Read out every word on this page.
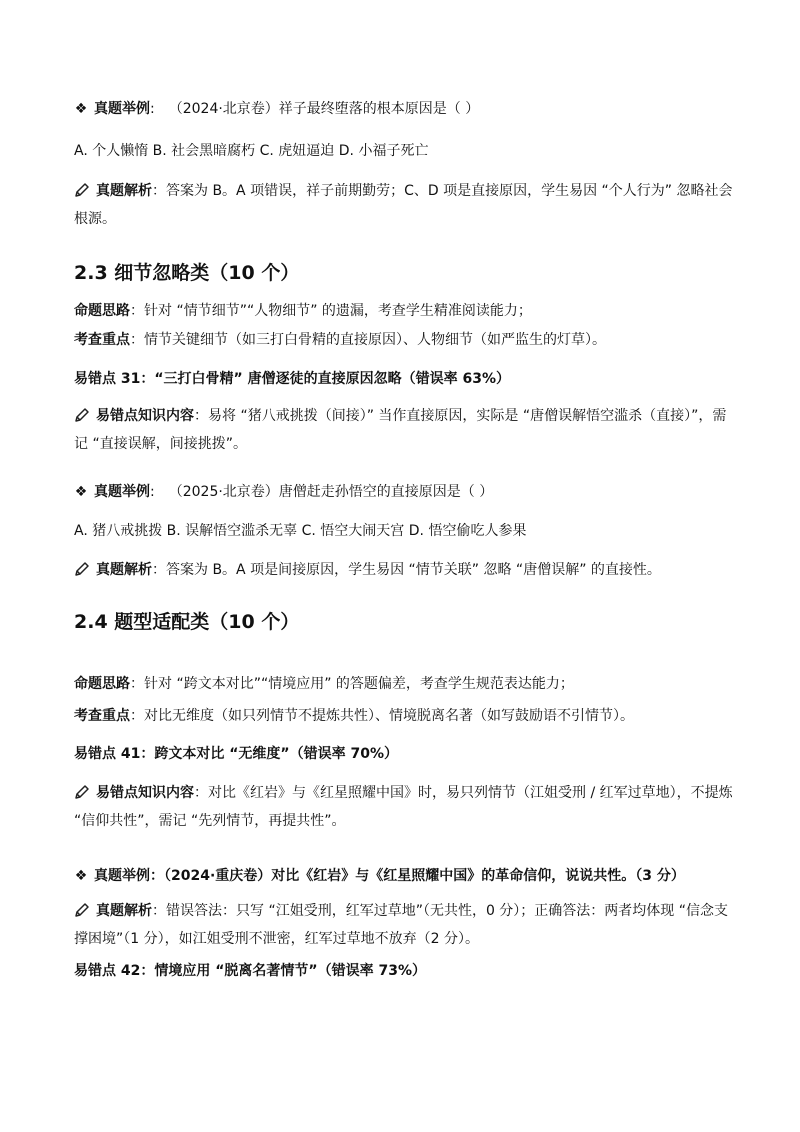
❖ 真题举例: （2024·北京卷）祥子最终堕落的根本原因是（ ）
A. 个人懒惰 B. 社会黑暗腐朽 C. 虎妞逼迫 D. 小福子死亡
真题解析：答案为 B。A 项错误，祥子前期勤劳；C、D 项是直接原因，学生易因 “个人行为” 忽略社会根源。
2.3 细节忽略类（10 个）
命题思路：针对 “情节细节”“人物细节” 的遗漏，考查学生精准阅读能力；
考查重点：情节关键细节（如三打白骨精的直接原因）、人物细节（如严监生的灯草）。
易错点 31：“三打白骨精” 唐僧逐徒的直接原因忽略（错误率 63%）
易错点知识内容：易将 “猪八戒挑拨（间接）” 当作直接原因，实际是 “唐僧误解悟空滥杀（直接）”，需记 “直接误解，间接挑拨”。
❖ 真题举例: （2025·北京卷）唐僧赶走孙悟空的直接原因是（ ）
A. 猪八戒挑拨 B. 误解悟空滥杀无辜 C. 悟空大闹天宫 D. 悟空偷吃人参果
真题解析：答案为 B。A 项是间接原因，学生易因 “情节关联” 忽略 “唐僧误解” 的直接性。
2.4 题型适配类（10 个）
命题思路：针对 “跨文本对比”“情境应用” 的答题偏差，考查学生规范表达能力；
考查重点：对比无维度（如只列情节不提炼共性）、情境脱离名著（如写鼓励语不引情节）。
易错点 41：跨文本对比 “无维度”（错误率 70%）
易错点知识内容：对比《红岩》与《红星照耀中国》时，易只列情节（江姐受刑 / 红军过草地），不提炼 “信仰共性”，需记 “先列情节，再提共性”。
❖ 真题举例：（2024·重庆卷）对比《红岩》与《红星照耀中国》的革命信仰，说说共性。（3 分）
真题解析：错误答法：只写 “江姐受刑，红军过草地”（无共性，0 分）；正确答法：两者均体现 “信念支撑困境”（1 分），如江姐受刑不泄密，红军过草地不放弃（2 分）。
易错点 42：情境应用 “脱离名著情节”（错误率 73%）
